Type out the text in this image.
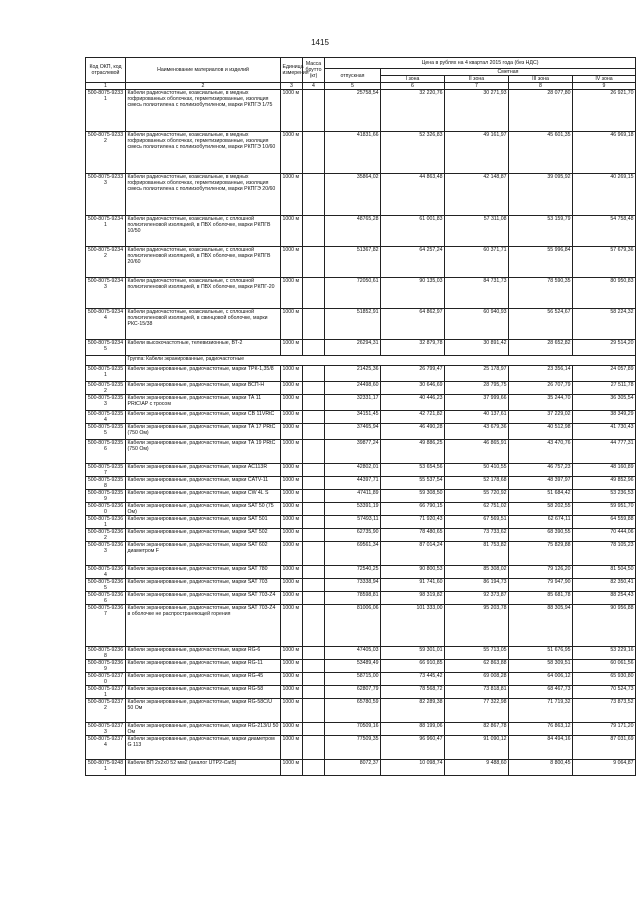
1415
Код ОКП, код отраслевой	Наименование материалов и изделий	Единица измерения	Масса брутто (кг)	Цена в рублях на 4 квартал 2015 года (без НДС)				
				отпускная	Сметная			
					I зона	II зона	III зона	IV зона
1	2	3	4	5	6	7	8	9
500-8075-92331	Кабели радиочастотные, коаксиальные, в медных гофрированных оболочках, герметизированные, изоляция смесь полиэтилена с полиизобутиленом, марки РКПГЭ 1/75	1000 м		25758,54	32 220,76	30 271,93	28 077,80	26 921,70
500-8075-92332	Кабели радиочастотные, коаксиальные, в медных гофрированных оболочках, герметизированные, изоляция смесь полиэтилена с полиизобутиленом, марки РКПГЭ 10/60	1000 м		41831,66	52 326,83	49 161,97	45 601,35	46 969,18
500-8075-92333	Кабели радиочастотные, коаксиальные, в медных гофрированных оболочках, герметизированные, изоляция смесь полиэтилена с полиизобутиленом, марки РКПГЭ 20/60	1000 м		35864,02	44 863,48	42 148,87	39 095,92	40 269,15
500-8075-92341	Кабели радиочастотные, коаксиальные, с сплошной полиэтиленовой изоляцией, в ПВХ оболочке, марки РКПГВ 10/50	1000 м		48765,28	61 001,83	57 311,08	53 159,79	54 758,48
500-8075-92342	Кабели радиочастотные, коаксиальные, с сплошной полиэтиленовой изоляцией, в ПВХ оболочке, марки РКПГВ 20/60	1000 м		51367,82	64 257,24	60 371,71	55 996,84	57 679,36
500-8075-92343	Кабели радиочастотные, коаксиальные, с сплошной полиэтиленовой изоляцией, в ПВХ оболочке, марки РКПГ-20	1000 м		72050,61	90 135,03	84 731,73	78 590,35	80 950,83
500-8075-92344	Кабели радиочастотные, коаксиальные, с сплошной полиэтиленовой изоляцией, в свинцовой оболочке, марки РКС-15/38	1000 м		51852,91	64 862,97	60 940,93	56 524,67	58 224,32
500-8075-92345	Кабели высокочастотные, телевизионные, ВТ-2	1000 м		26294,31	32 879,78	30 891,42	28 652,82	29 514,20
	Группа: Кабели экранированные, радиочастотные							
500-8075-92351	Кабели экранированные, радиочастотные, марки ТРК-1,35/8	1000 м		21425,36	26 799,47	25 178,97	23 356,14	24 057,89
500-8075-92352	Кабели экранированные, радиочастотные, марки ВСП-Н	1000 м		24498,60	30 646,69	28 795,75	26 707,79	27 511,78
500-8075-92353	Кабели экранированные, радиочастотные, марки ТА 11 PRtC\AP с тросом	1000 м		32331,17	40 446,23	37 999,66	35 244,70	36 305,54
500-8075-92354	Кабели экранированные, радиочастотные, марки CB 11VRtC	1000 м		34151,45	42 721,82	40 137,61	37 229,02	38 349,29
500-8075-92355	Кабели экранированные, радиочастотные, марки ТА 17 PRtC (750 Ом)	1000 м		37465,94	46 490,28	43 679,36	40 512,98	41 730,43
500-8075-92356	Кабели экранированные, радиочастотные, марки ТА 19 PRtC (750 Ом)	1000 м		39877,24	49 886,25	46 865,91	43 470,76	44 777,31
500-8075-92357	Кабели экранированные, радиочастотные, марки AC113R	1000 м		42802,01	53 654,56	50 410,55	46 757,23	48 160,89
500-8075-92358	Кабели экранированные, радиочастотные, марки CATV-11	1000 м		44397,71	55 537,54	52 178,68	48 397,97	49 852,96
500-8075-92359	Кабели экранированные, радиочастотные, марки CW 4L S	1000 м		47411,89	59 308,50	55 720,92	51 684,42	53 236,53
500-8075-92360	Кабели экранированные, радиочастотные, марки SAT 50 (75 Ом)	1000 м		53391,19	66 790,15	62 751,02	58 202,55	59 951,70
500-8075-92361	Кабели экранированные, радиочастотные, марки SAT 501	1000 м		57493,11	71 920,43	67 569,51	62 674,11	64 559,88
500-8075-92362	Кабели экранированные, радиочастотные, марки SAT 502	1000 м		62735,90	78 480,65	73 733,62	68 390,55	70 444,06
500-8075-92363	Кабели экранированные, радиочастотные, марки SAT 602 диаметром F	1000 м		69561,34	87 014,24	81 753,82	75 829,88	78 105,23
500-8075-92364	Кабели экранированные, радиочастотные, марки SAT 780	1000 м		72540,25	90 800,53	85 308,02	79 126,20	81 504,50
500-8075-92365	Кабели экранированные, радиочастотные, марки SAT 703	1000 м		73338,94	91 741,60	86 194,73	79 947,90	82 350,41
500-8075-92366	Кабели экранированные, радиочастотные, марки SAT 703-Z4	1000 м		78598,81	98 319,82	92 373,87	85 681,78	88 254,43
500-8075-92367	Кабели экранированные, радиочастотные, марки SAT 703-Z4 в оболочке не распространяющей горения	1000 м		81006,06	101 333,00	95 203,78	88 305,94	90 956,88
500-8075-92368	Кабели экранированные, радиочастотные, марки RG-6	1000 м		47405,03	59 301,01	55 713,05	51 676,95	53 229,16
500-8075-92369	Кабели экранированные, радиочастотные, марки RG-11	1000 м		53489,49	66 910,85	62 863,88	58 309,51	60 061,56
500-8075-92370	Кабели экранированные, радиочастотные, марки RG-45	1000 м		58715,00	73 445,42	69 008,28	64 006,12	65 930,80
500-8075-92371	Кабели экранированные, радиочастотные, марки RG-58	1000 м		62807,79	78 568,72	73 818,81	68 467,73	70 524,73
500-8075-92372	Кабели экранированные, радиочастотные, марки RG-58C/U 50 Ом	1000 м		65780,59	82 289,38	77 322,98	71 719,32	73 873,52
500-8075-92373	Кабели экранированные, радиочастотные, марки RG-213/U 50 Ом	1000 м		70509,16	88 199,06	82 867,78	76 863,12	79 171,20
500-8075-92374	Кабели экранированные, радиочастотные, марки диаметром G 113	1000 м		77509,35	96 960,47	91 090,12	84 494,16	87 031,69
500-8075-92481	Кабели ВП 2х2х0 52 мм2 (аналог UTP2-Cat5)	1000 м		8072,37	10 098,74	9 488,60	8 800,45	9 064,87
